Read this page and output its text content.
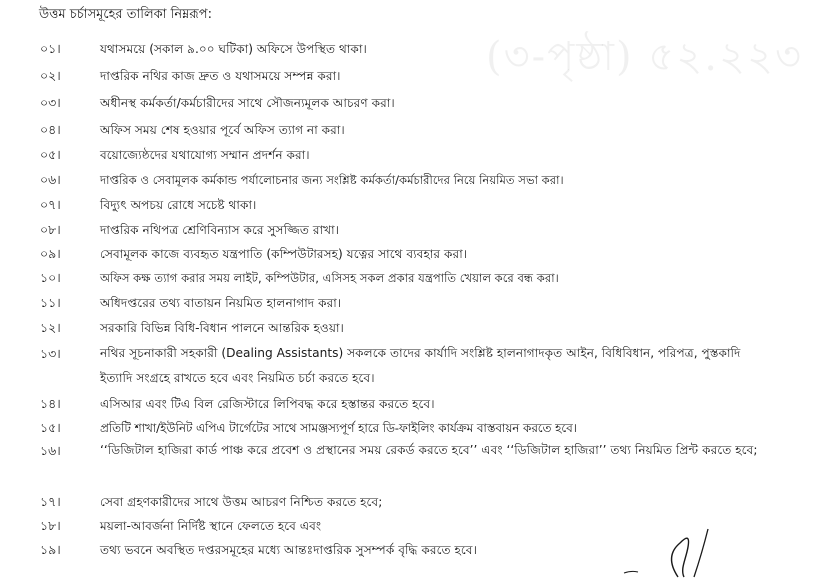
(৩-পৃষ্ঠা) ৫২.২২৩
উত্তম চর্চাসমূহের তালিকা নিম্নরূপ:
০১।	যথাসময়ে (সকাল ৯.০০ ঘটিকা) অফিসে উপস্থিত থাকা।
০২।	দাপ্তরিক নথির কাজ দ্রুত ও যথাসময়ে সম্পন্ন করা।
০৩।	অধীনস্থ কর্মকর্তা/কর্মচারীদের সাথে সৌজন্যমূলক আচরণ করা।
০৪।	অফিস সময় শেষ হওয়ার পূর্বে অফিস ত্যাগ না করা।
০৫।	বয়োজ্যেষ্ঠদের যথাযোগ্য সম্মান প্রদর্শন করা।
০৬।	দাপ্তরিক ও সেবামূলক কর্মকান্ড পর্যালোচনার জন্য সংশ্লিষ্ট কর্মকর্তা/কর্মচারীদের নিয়ে নিয়মিত সভা করা।
০৭।	বিদ্যুৎ অপচয় রোধে সচেষ্ট থাকা।
০৮।	দাপ্তরিক নথিপত্র শ্রেণিবিন্যাস করে সুসজ্জিত রাখা।
০৯।	সেবামূলক কাজে ব্যবহৃত যন্ত্রপাতি (কম্পিউটারসহ) যত্নের সাথে ব্যবহার করা।
১০।	অফিস কক্ষ ত্যাগ করার সময় লাইট, কম্পিউটার, এসিসহ সকল প্রকার যন্ত্রপাতি খেয়াল করে বন্ধ করা।
১১।	অধিদপ্তরের তথ্য বাতায়ন নিয়মিত হালনাগাদ করা।
১২।	সরকারি বিভিন্ন বিধি-বিধান পালনে আন্তরিক হওয়া।
১৩।	নথির সূচনাকারী সহকারী (Dealing Assistants) সকলকে তাদের কার্যাদি সংশ্লিষ্ট হালনাগাদকৃত আইন, বিধিবিধান, পরিপত্র, পুস্তকাদি ইত্যাদি সংগ্রহে রাখতে হবে এবং নিয়মিত চর্চা করতে হবে।
১৪।	এসিআর এবং টিএ বিল রেজিস্টারে লিপিবদ্ধ করে হস্তান্তর করতে হবে।
১৫।	প্রতিটি শাখা/ইউনিট এপিএ টার্গেটের সাথে সামঞ্জস্যপূর্ণ হারে ডি-ফাইলিং কার্যক্রম বাস্তবায়ন করতে হবে।
১৬।	‘‘ডিজিটাল হাজিরা কার্ড পাঞ্চ করে প্রবেশ ও প্রস্থানের সময় রেকর্ড করতে হবে’’ এবং ‘‘ডিজিটাল হাজিরা’’ তথ্য নিয়মিত প্রিন্ট করতে হবে;
১৭।	সেবা গ্রহণকারীদের সাথে উত্তম আচরণ নিশ্চিত করতে হবে;
১৮।	ময়লা-আবর্জনা নির্দিষ্ট স্থানে ফেলতে হবে এবং
১৯।	তথ্য ভবনে অবস্থিত দপ্তরসমূহের মধ্যে আন্তঃদাপ্তরিক সুসম্পর্ক বৃদ্ধি করতে হবে।
